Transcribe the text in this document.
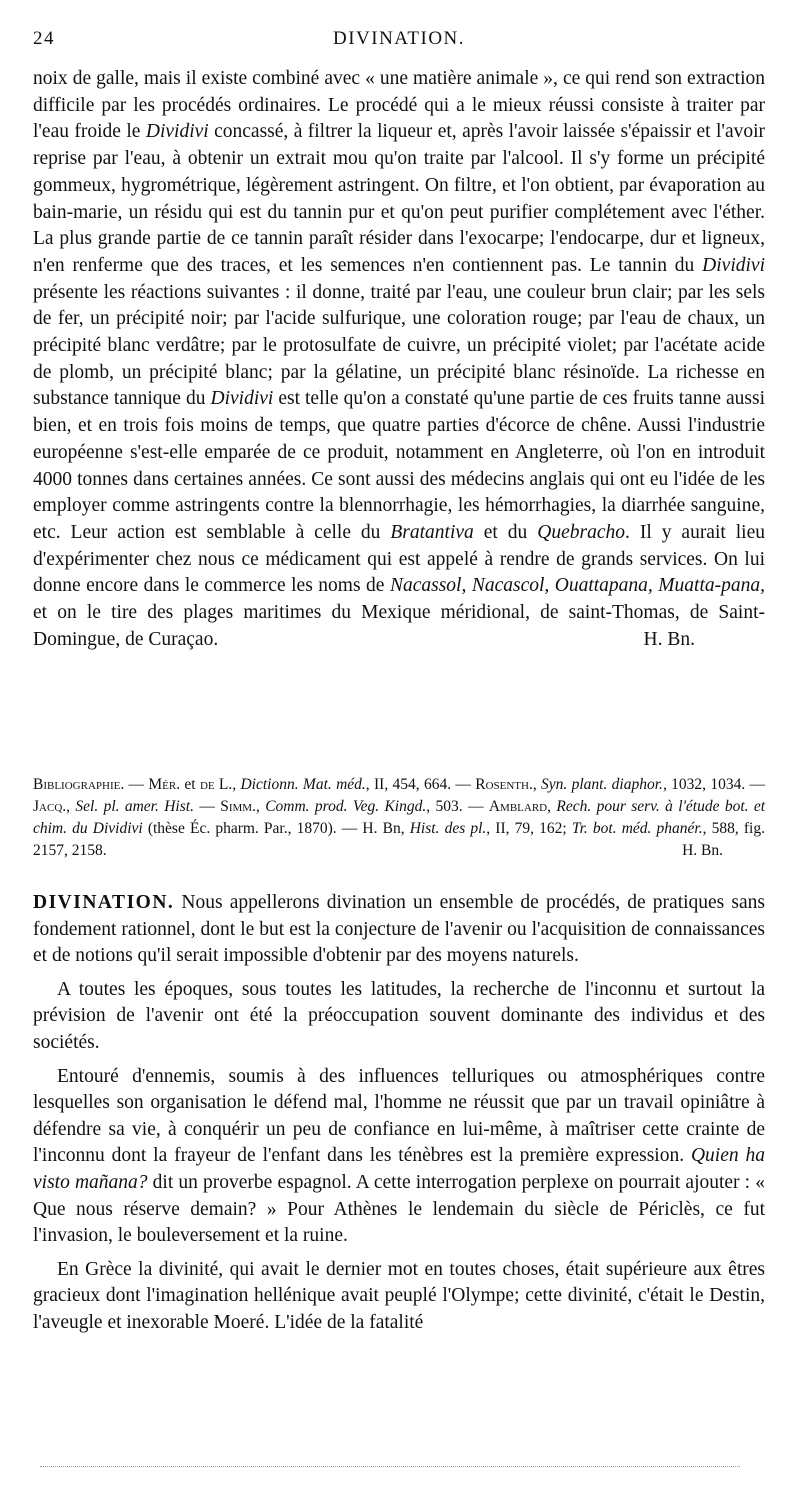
24	DIVINATION.
noix de galle, mais il existe combiné avec « une matière animale », ce qui rend son extraction difficile par les procédés ordinaires. Le procédé qui a le mieux réussi consiste à traiter par l'eau froide le Dividivi concassé, à filtrer la liqueur et, après l'avoir laissée s'épaissir et l'avoir reprise par l'eau, à obtenir un extrait mou qu'on traite par l'alcool. Il s'y forme un précipité gommeux, hygrométrique, légèrement astringent. On filtre, et l'on obtient, par évaporation au bain-marie, un résidu qui est du tannin pur et qu'on peut purifier complétement avec l'éther. La plus grande partie de ce tannin paraît résider dans l'exocarpe; l'endocarpe, dur et ligneux, n'en renferme que des traces, et les semences n'en contiennent pas. Le tannin du Dividivi présente les réactions suivantes : il donne, traité par l'eau, une couleur brun clair; par les sels de fer, un précipité noir; par l'acide sulfurique, une coloration rouge; par l'eau de chaux, un précipité blanc verdâtre; par le protosulfate de cuivre, un précipité violet; par l'acétate acide de plomb, un précipité blanc; par la gélatine, un précipité blanc résinoïde. La richesse en substance tannique du Dividivi est telle qu'on a constaté qu'une partie de ces fruits tanne aussi bien, et en trois fois moins de temps, que quatre parties d'écorce de chêne. Aussi l'industrie européenne s'est-elle emparée de ce produit, notamment en Angleterre, où l'on en introduit 4000 tonnes dans certaines années. Ce sont aussi des médecins anglais qui ont eu l'idée de les employer comme astringents contre la blennorrhagie, les hémorrhagies, la diarrhée sanguine, etc. Leur action est semblable à celle du Bratantiva et du Quebracho. Il y aurait lieu d'expérimenter chez nous ce médicament qui est appelé à rendre de grands services. On lui donne encore dans le commerce les noms de Nacassol, Nacascol, Ouattapana, Muatta-pana, et on le tire des plages maritimes du Mexique méridional, de saint-Thomas, de Saint-Domingue, de Curaçao.	H. Bn.
Bibliographie. — Mér. et de L., Dictionn. Mat. méd., II, 454, 664. — Rosenth., Syn. plant. diaphor., 1032, 1034. — Jacq., Sel. pl. amer. Hist. — Simm., Comm. prod. Veg. Kingd., 503. — Amblard, Rech. pour serv. à l'étude bot. et chim. du Dividivi (thèse Éc. pharm. Par., 1870). — H. Bn, Hist. des pl., II, 79, 162; Tr. bot. méd. phanér., 588, fig. 2157, 2158.	H. Bn.

DIVINATION. Nous appellerons divination un ensemble de procédés, de pratiques sans fondement rationnel, dont le but est la conjecture de l'avenir ou l'acquisition de connaissances et de notions qu'il serait impossible d'obtenir par des moyens naturels.

A toutes les époques, sous toutes les latitudes, la recherche de l'inconnu et surtout la prévision de l'avenir ont été la préoccupation souvent dominante des individus et des sociétés.

Entouré d'ennemis, soumis à des influences telluriques ou atmosphériques contre lesquelles son organisation le défend mal, l'homme ne réussit que par un travail opiniâtre à défendre sa vie, à conquérir un peu de confiance en lui-même, à maîtriser cette crainte de l'inconnu dont la frayeur de l'enfant dans les ténèbres est la première expression. Quien ha visto mañana? dit un proverbe espagnol. A cette interrogation perplexe on pourrait ajouter : « Que nous réserve demain? » Pour Athènes le lendemain du siècle de Périclès, ce fut l'invasion, le bouleversement et la ruine.

En Grèce la divinité, qui avait le dernier mot en toutes choses, était supérieure aux êtres gracieux dont l'imagination hellénique avait peuplé l'Olympe; cette divinité, c'était le Destin, l'aveugle et inexorable Moeré. L'idée de la fatalité
